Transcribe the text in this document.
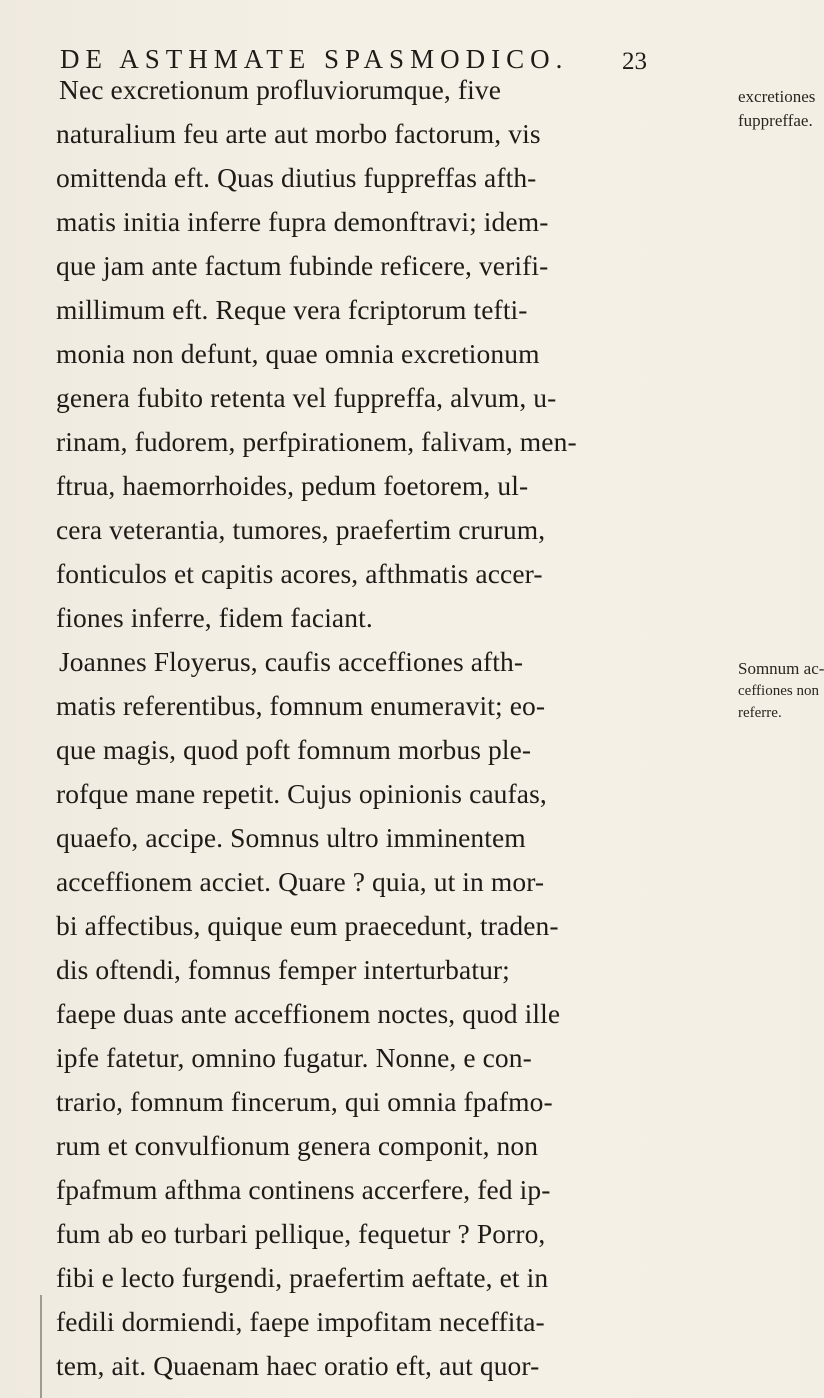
DE ASTHMATE SPASMODICO. 23
Nec excretionum profluviorumque, five
naturalium feu arte aut morbo factorum, vis
omittenda eft. Quas diutius fuppreffas afth-
matis initia inferre fupra demonftravi; idem-
que jam ante factum fubinde reficere, verifi-
millimum eft. Reque vera fcriptorum tefti-
monia non defunt, quae omnia excretionum
genera fubito retenta vel fuppreffa, alvum, u-
rinam, fudorem, perfpirationem, falivam, men-
ftrua, haemorrhoides, pedum foetorem, ul-
cera veterantia, tumores, praefertim crurum,
fonticulos et capitis acores, afthmatis accer-
fiones inferre, fidem faciant.
Joannes Floyerus, caufis acceffiones afth-
matis referentibus, fomnum enumeravit; eo-
que magis, quod poft fomnum morbus ple-
rofque mane repetit. Cujus opinionis caufas,
quaefo, accipe. Somnus ultro imminentem
acceffionem acciet. Quare ? quia, ut in mor-
bi affectibus, quique eum praecedunt, traden-
dis oftendi, fomnus femper interturbatur;
faepe duas ante acceffionem noctes, quod ille
ipfe fatetur, omnino fugatur. Nonne, e con-
trario, fomnum fincerum, qui omnia fpafmo-
rum et convulfionum genera componit, non
fpafmum afthma continens accerfere, fed ip-
fum ab eo turbari pellique, fequetur ? Porro,
fibi e lecto furgendi, praefertim aeftate, et in
fedili dormiendi, faepe impofitam neceffita-
tem, ait. Quaenam haec oratio eft, aut quor-
excretiones
fuppreffae.
Somnum ac-
ceffiones non
referre.
